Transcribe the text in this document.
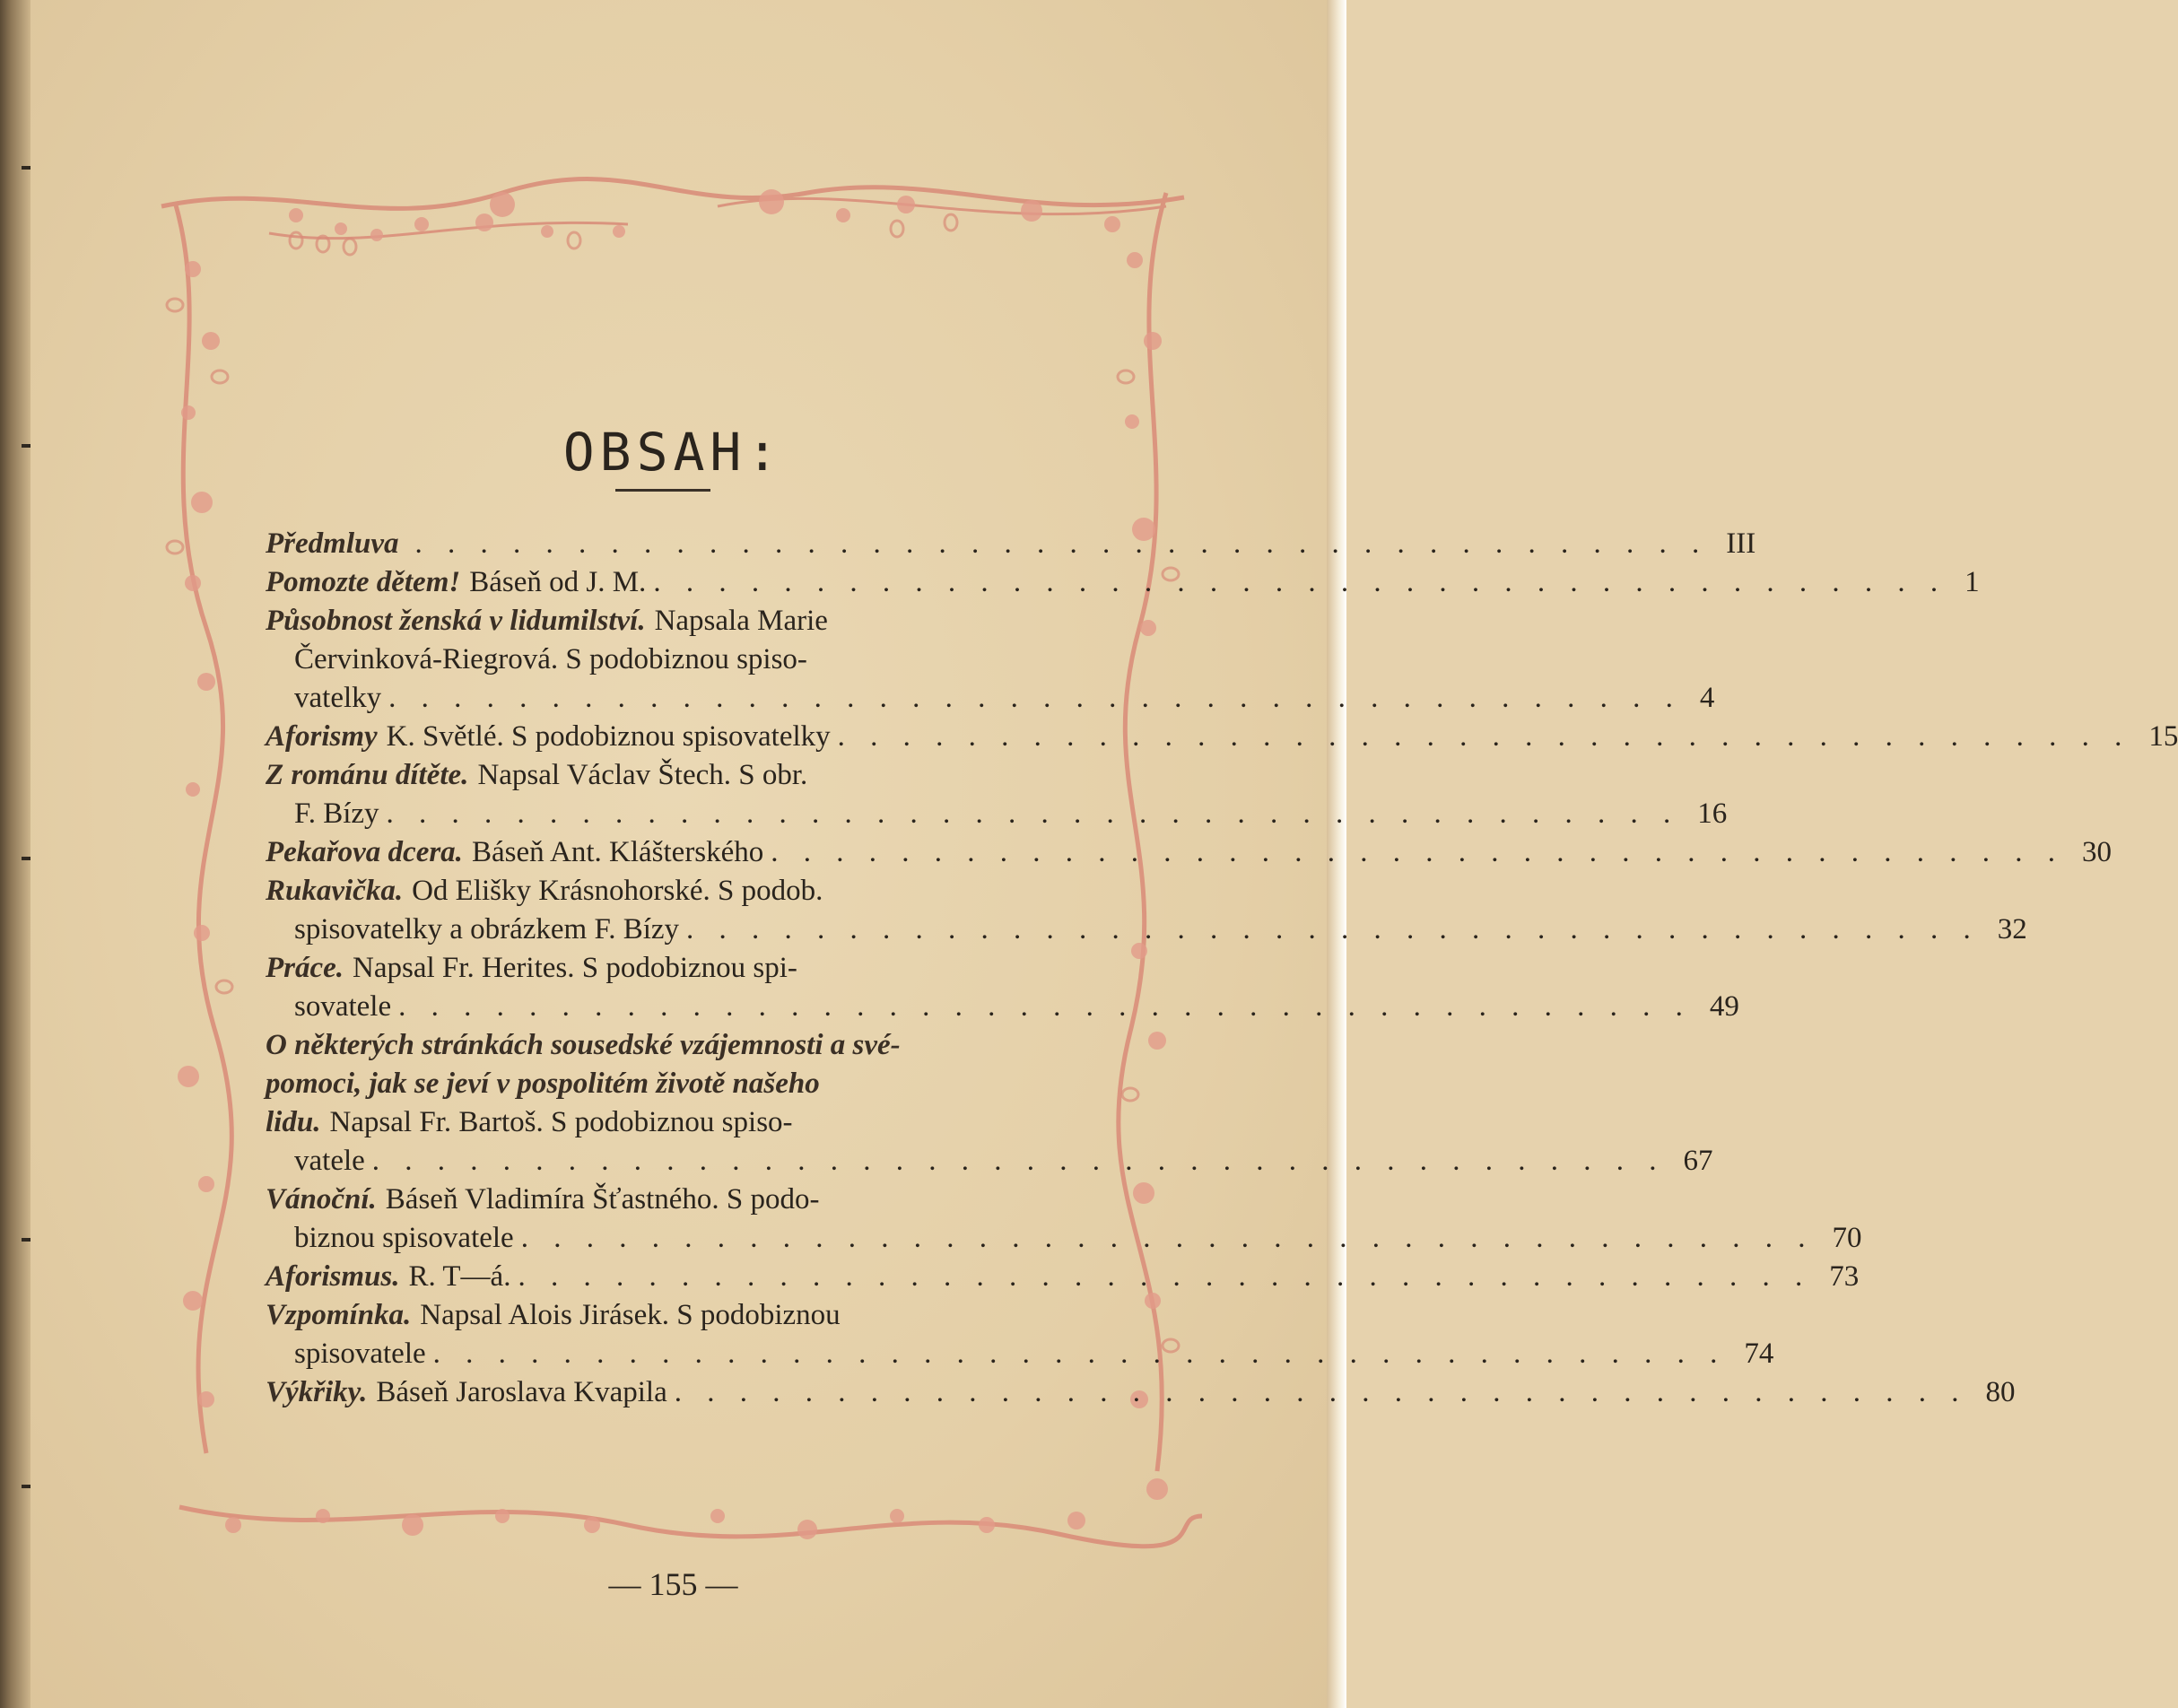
OBSAH:
Předmluva . . . . . . . . . . . . . . . . . . . . . . . . . . . . . . . . . . . . . . . . III
Pomozte dětem! Báseň od J. M. . . . . . . . . . . . . . . . . . . . . . . . . . . . . . . . . . . . . . . . . 1
Působnost ženská v lidumilství. Napsala Marie
Červinková-Riegrová. S podobiznou spiso-
vatelky . . . . . . . . . . . . . . . . . . . . . . . . . . . . . . . . . . . . . . . . 4
Aforismy K. Světlé. S podobiznou spisovatelky . . . . . . . . . . . . . . . . . . . . . . . . . . . . . . . . . . . . . . . . 15
Z románu dítěte. Napsal Václav Štech. S obr.
F. Bízy . . . . . . . . . . . . . . . . . . . . . . . . . . . . . . . . . . . . . . . . 16
Pekařova dcera. Báseň Ant. Klášterského . . . . . . . . . . . . . . . . . . . . . . . . . . . . . . . . . . . . . . . . 30
Rukavička. Od Elišky Krásnohorské. S podob.
spisovatelky a obrázkem F. Bízy . . . . . . . . . . . . . . . . . . . . . . . . . . . . . . . . . . . . . . . . 32
Práce. Napsal Fr. Herites. S podobiznou spi-
sovatele . . . . . . . . . . . . . . . . . . . . . . . . . . . . . . . . . . . . . . . . 49
O některých stránkách sousedské vzájemnosti a své-
pomoci, jak se jeví v pospolitém životě našeho
lidu. Napsal Fr. Bartoš. S podobiznou spiso-
vatele . . . . . . . . . . . . . . . . . . . . . . . . . . . . . . . . . . . . . . . . 67
Vánoční. Báseň Vladimíra Šťastného. S podo-
biznou spisovatele . . . . . . . . . . . . . . . . . . . . . . . . . . . . . . . . . . . . . . . . 70
Aforismus. R. T—á. . . . . . . . . . . . . . . . . . . . . . . . . . . . . . . . . . . . . . . . . 73
Vzpomínka. Napsal Alois Jirásek. S podobiznou
spisovatele . . . . . . . . . . . . . . . . . . . . . . . . . . . . . . . . . . . . . . . . 74
Výkřiky. Báseň Jaroslava Kvapila . . . . . . . . . . . . . . . . . . . . . . . . . . . . . . . . . . . . . . . . 80
— 155 —
